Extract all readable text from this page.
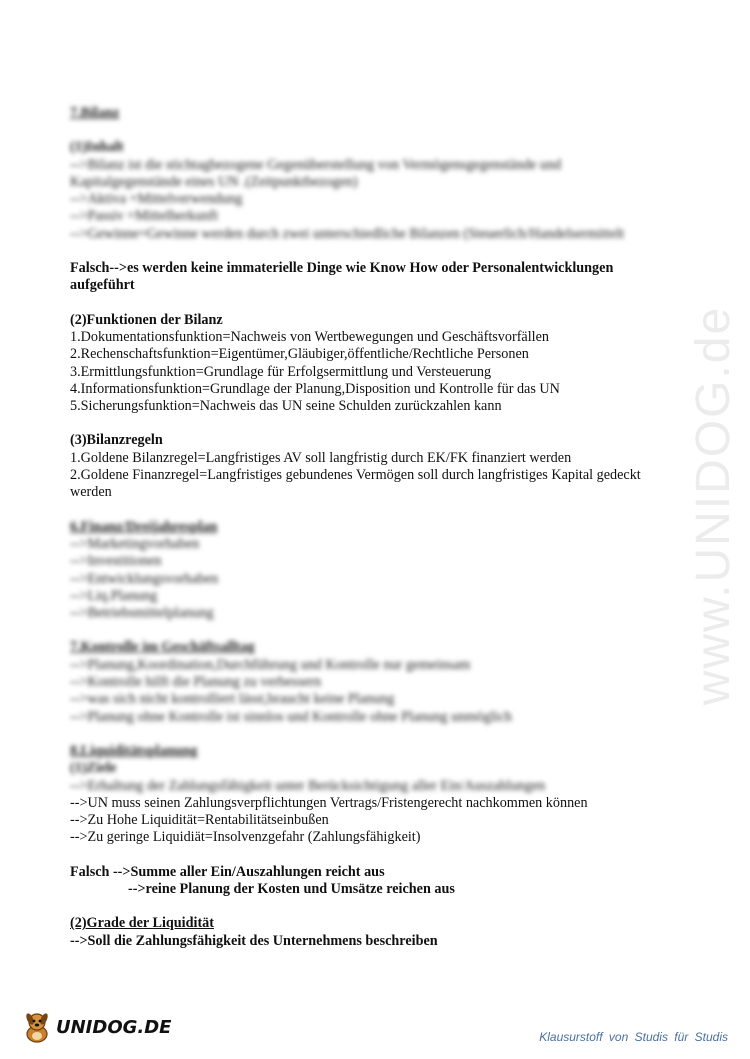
www.UNIDOG.de
7.Bilanz
(1)Inhalt
-->Bilanz ist die stichtagbezogene Gegenüberstellung von Vermögensgegenstände und
Kapitalgegenstände eines UN .(Zeitpunktbezogen)
-->Aktiva =Mittelverwendung
-->Passiv =Mittelherkunft
-->Gewinne=Gewinne werden durch zwei unterschiedliche Bilanzen (Steuerlich/Handelsermittelt
Falsch-->es werden keine immaterielle Dinge wie Know How oder Personalentwicklungen aufgeführt
(2)Funktionen der Bilanz
1.Dokumentationsfunktion=Nachweis von Wertbewegungen und Geschäftsvorfällen
2.Rechenschaftsfunktion=Eigentümer,Gläubiger,öffentliche/Rechtliche Personen
3.Ermittlungsfunktion=Grundlage für Erfolgsermittlung und Versteuerung
4.Informationsfunktion=Grundlage der Planung,Disposition und Kontrolle für das UN
5.Sicherungsfunktion=Nachweis das UN seine Schulden zurückzahlen kann
(3)Bilanzregeln
1.Goldene Bilanzregel=Langfristiges AV soll langfristig durch EK/FK finanziert werden
2.Goldene Finanzregel=Langfristiges gebundenes Vermögen soll durch langfristiges Kapital gedeckt werden
6.Finanz/Dreijahresplan
-->Marketingvorhaben
-->Investitionen
-->Entwicklungsvorhaben
-->Liq.Planung
-->Betriebsmittelplanung
7.Kontrolle im Geschäftsalltag
-->Planung,Koordination,Durchführung und Kontrolle nur gemeinsam
-->Kontrolle hilft die Planung zu verbessern
-->was sich nicht kontrolliert lässt,braucht keine Planung
-->Planung ohne Kontrolle ist sinnlos und Kontrolle ohne Planung unmöglich
8.Liquiditätsplanung
(1)Ziele
-->Erhaltung der Zahlungsfähigkeit unter Berücksichtigung aller Ein/Auszahlungen
-->UN muss seinen Zahlungsverpflichtungen Vertrags/Fristengerecht nachkommen können
-->Zu Hohe Liquidität=Rentabilitätseinbußen
-->Zu geringe Liquidiät=Insolvenzgefahr (Zahlungsfähigkeit)
Falsch -->Summe aller Ein/Auszahlungen reicht aus
-->reine Planung der Kosten und Umsätze reichen aus
(2)Grade der Liquidität
-->Soll die Zahlungsfähigkeit des Unternehmens beschreiben
UNIDOG.DE	Klausurstoff von Studis für Studis
